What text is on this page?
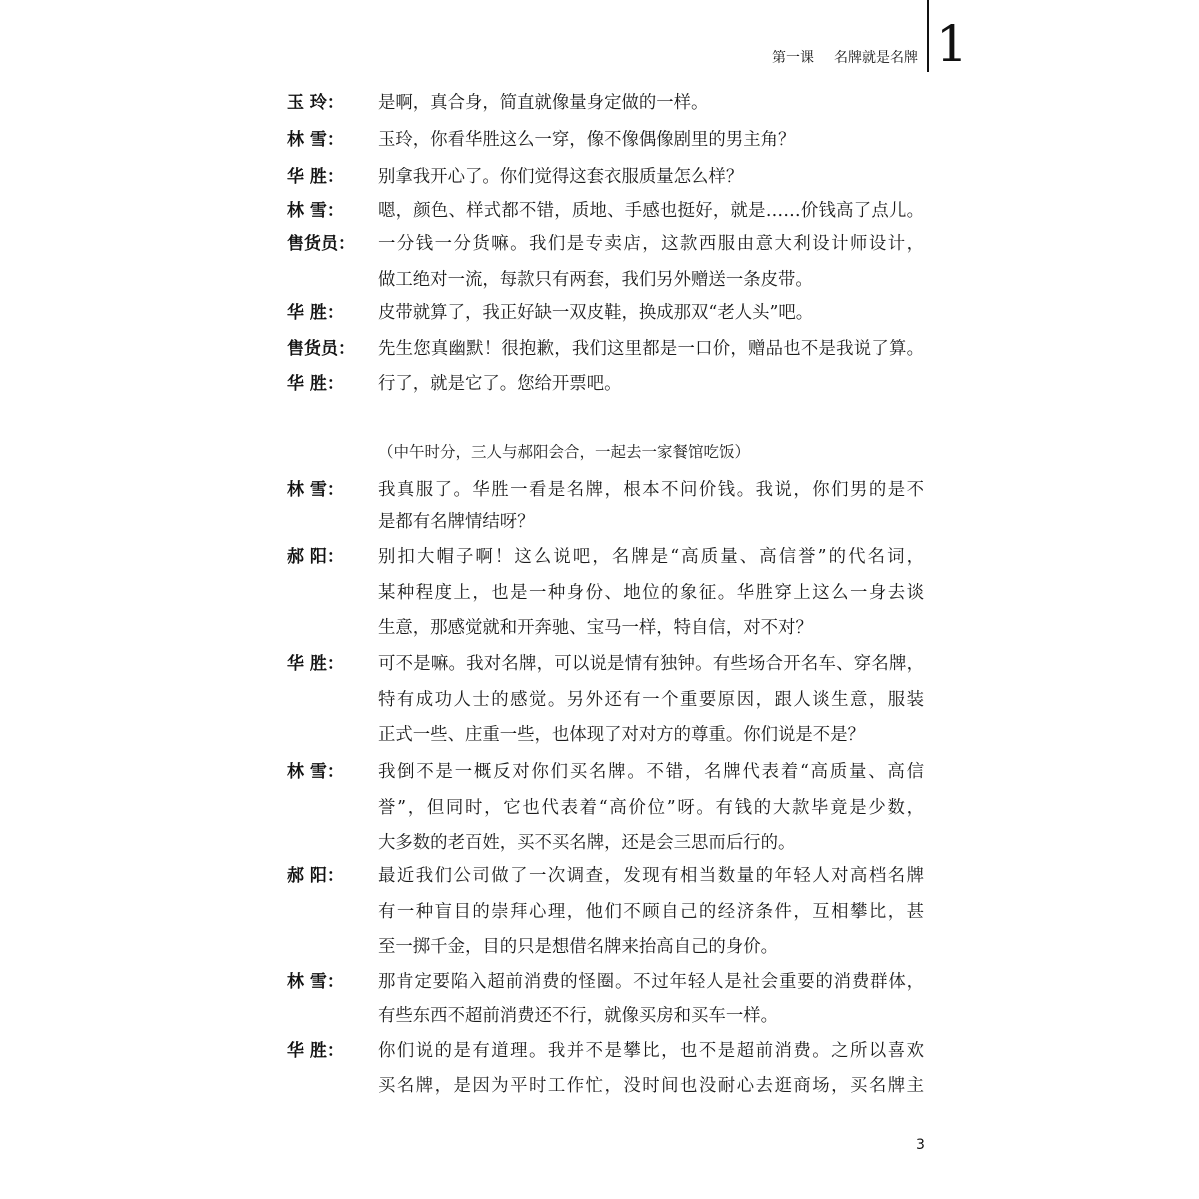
第一课 名牌就是名牌 1
玉 玲： 是啊，真合身，简直就像量身定做的一样。
林 雪： 玉玲，你看华胜这么一穿，像不像偶像剧里的男主角？
华 胜： 别拿我开心了。你们觉得这套衣服质量怎么样？
林 雪： 嗯，颜色、样式都不错，质地、手感也挺好，就是……价钱高了点儿。
售货员： 一分钱一分货嘛。我们是专卖店，这款西服由意大利设计师设计，
做工绝对一流，每款只有两套，我们另外赠送一条皮带。
华 胜： 皮带就算了，我正好缺一双皮鞋，换成那双“老人头”吧。
售货员： 先生您真幽默！很抱歉，我们这里都是一口价，赠品也不是我说了算。
华 胜： 行了，就是它了。您给开票吧。
（中午时分，三人与郝阳会合，一起去一家餐馆吃饭）
林 雪： 我真服了。华胜一看是名牌，根本不问价钱。我说，你们男的是不
是都有名牌情结呀？
郝 阳： 别扣大帽子啊！这么说吧，名牌是“高质量、高信誉”的代名词，
某种程度上，也是一种身份、地位的象征。华胜穿上这么一身去谈
生意，那感觉就和开奔驰、宝马一样，特自信，对不对？
华 胜： 可不是嘛。我对名牌，可以说是情有独钟。有些场合开名车、穿名牌，
特有成功人士的感觉。另外还有一个重要原因，跟人谈生意，服装
正式一些、庄重一些，也体现了对对方的尊重。你们说是不是？
林 雪： 我倒不是一概反对你们买名牌。不错，名牌代表着“高质量、高信
誉”，但同时，它也代表着“高价位”呀。有钱的大款毕竟是少数，
大多数的老百姓，买不买名牌，还是会三思而后行的。
郝 阳： 最近我们公司做了一次调查，发现有相当数量的年轻人对高档名牌
有一种盲目的崇拜心理，他们不顾自己的经济条件，互相攀比，甚
至一掷千金，目的只是想借名牌来抬高自己的身价。
林 雪： 那肯定要陷入超前消费的怪圈。不过年轻人是社会重要的消费群体，
有些东西不超前消费还不行，就像买房和买车一样。
华 胜： 你们说的是有道理。我并不是攀比，也不是超前消费。之所以喜欢
买名牌，是因为平时工作忙，没时间也没耐心去逛商场，买名牌主
3
